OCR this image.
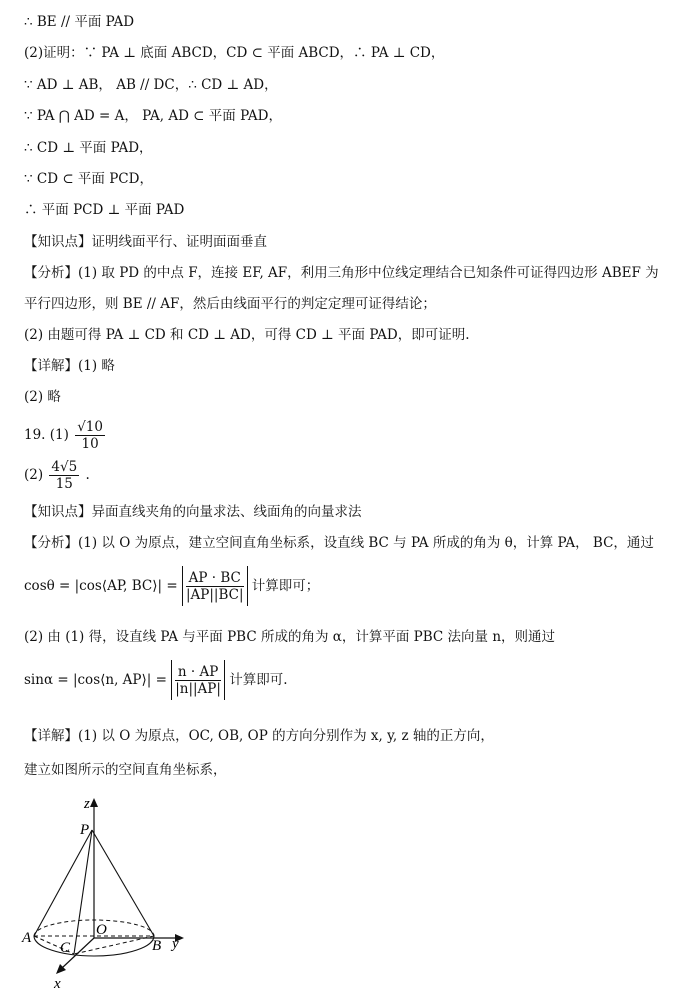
∴ BE // 平面 PAD
(2)证明：∵ PA ⊥ 底面 ABCD，CD ⊂ 平面 ABCD，∴ PA ⊥ CD，
∵ AD ⊥ AB， AB // DC，∴ CD ⊥ AD，
∵ PA ⋂ AD = A， PA, AD ⊂ 平面 PAD，
∴ CD ⊥ 平面 PAD，
∵ CD ⊂ 平面 PCD，
∴ 平面 PCD ⊥ 平面 PAD
【知识点】证明线面平行、证明面面垂直
【分析】(1) 取 PD 的中点 F，连接 EF, AF，利用三角形中位线定理结合已知条件可证得四边形 ABEF 为
平行四边形，则 BE // AF，然后由线面平行的判定定理可证得结论；
(2) 由题可得 PA ⊥ CD 和 CD ⊥ AD，可得 CD ⊥ 平面 PAD，即可证明.
【详解】(1) 略
(2) 略
19. $(1) \frac{√10}{10}$
$(2) \frac{4√5}{15}$ .
【知识点】异面直线夹角的向量求法、线面角的向量求法
【分析】(1) 以 O 为原点，建立空间直角坐标系，设直线 BC 与 PA 所成的角为 θ，计算 PA， BC，通过
cosθ = |cos⟨AP, BC⟩| = $\frac{AP \cdot BC}{|AP||BC|}$ 计算即可；
(2) 由 (1) 得，设直线 PA 与平面 PBC 所成的角为 α，计算平面 PBC 法向量 n，则通过
sinα = |cos⟨n, AP⟩| = $\frac{n \cdot AP}{|n||AP|}$ 计算即可.
【详解】(1) 以 O 为原点，OC, OB, OP 的方向分别作为 x, y, z 轴的正方向，
建立如图所示的空间直角坐标系，
z
P
A	O
B y
C
x
